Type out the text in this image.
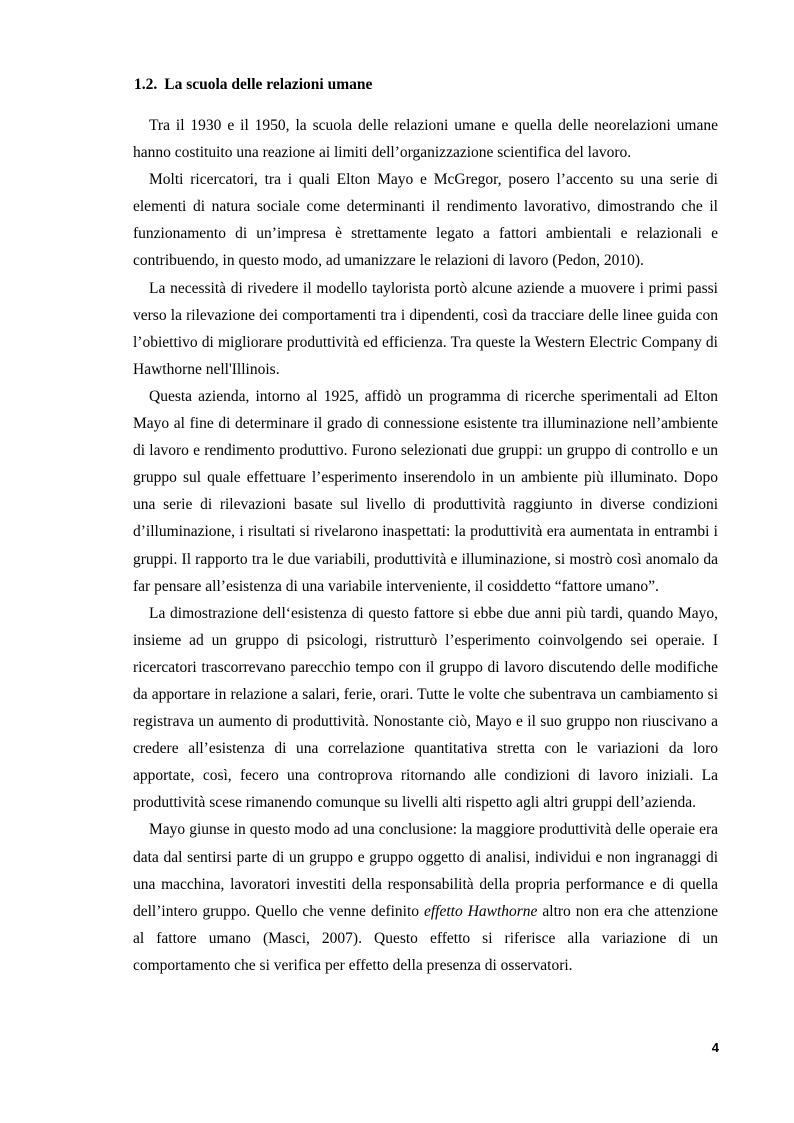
1.2. La scuola delle relazioni umane

Tra il 1930 e il 1950, la scuola delle relazioni umane e quella delle neorelazioni umane hanno costituito una reazione ai limiti dell’organizzazione scientifica del lavoro.

Molti ricercatori, tra i quali Elton Mayo e McGregor, posero l’accento su una serie di elementi di natura sociale come determinanti il rendimento lavorativo, dimostrando che il funzionamento di un’impresa è strettamente legato a fattori ambientali e relazionali e contribuendo, in questo modo, ad umanizzare le relazioni di lavoro (Pedon, 2010).

La necessità di rivedere il modello taylorista portò alcune aziende a muovere i primi passi verso la rilevazione dei comportamenti tra i dipendenti, così da tracciare delle linee guida con l’obiettivo di migliorare produttività ed efficienza. Tra queste la Western Electric Company di Hawthorne nell'Illinois.

Questa azienda, intorno al 1925, affidò un programma di ricerche sperimentali ad Elton Mayo al fine di determinare il grado di connessione esistente tra illuminazione nell’ambiente di lavoro e rendimento produttivo. Furono selezionati due gruppi: un gruppo di controllo e un gruppo sul quale effettuare l’esperimento inserendolo in un ambiente più illuminato. Dopo una serie di rilevazioni basate sul livello di produttività raggiunto in diverse condizioni d’illuminazione, i risultati si rivelarono inaspettati: la produttività era aumentata in entrambi i gruppi. Il rapporto tra le due variabili, produttività e illuminazione, si mostrò così anomalo da far pensare all’esistenza di una variabile interveniente, il cosiddetto “fattore umano”.

La dimostrazione dell‘esistenza di questo fattore si ebbe due anni più tardi, quando Mayo, insieme ad un gruppo di psicologi, ristrutturò l’esperimento coinvolgendo sei operaie. I ricercatori trascorrevano parecchio tempo con il gruppo di lavoro discutendo delle modifiche da apportare in relazione a salari, ferie, orari. Tutte le volte che subentrava un cambiamento si registrava un aumento di produttività. Nonostante ciò, Mayo e il suo gruppo non riuscivano a credere all’esistenza di una correlazione quantitativa stretta con le variazioni da loro apportate, così, fecero una controprova ritornando alle condizioni di lavoro iniziali. La produttività scese rimanendo comunque su livelli alti rispetto agli altri gruppi dell’azienda.

Mayo giunse in questo modo ad una conclusione: la maggiore produttività delle operaie era data dal sentirsi parte di un gruppo e gruppo oggetto di analisi, individui e non ingranaggi di una macchina, lavoratori investiti della responsabilità della propria performance e di quella dell’intero gruppo. Quello che venne definito effetto Hawthorne altro non era che attenzione al fattore umano (Masci, 2007). Questo effetto si riferisce alla variazione di un comportamento che si verifica per effetto della presenza di osservatori.

4
